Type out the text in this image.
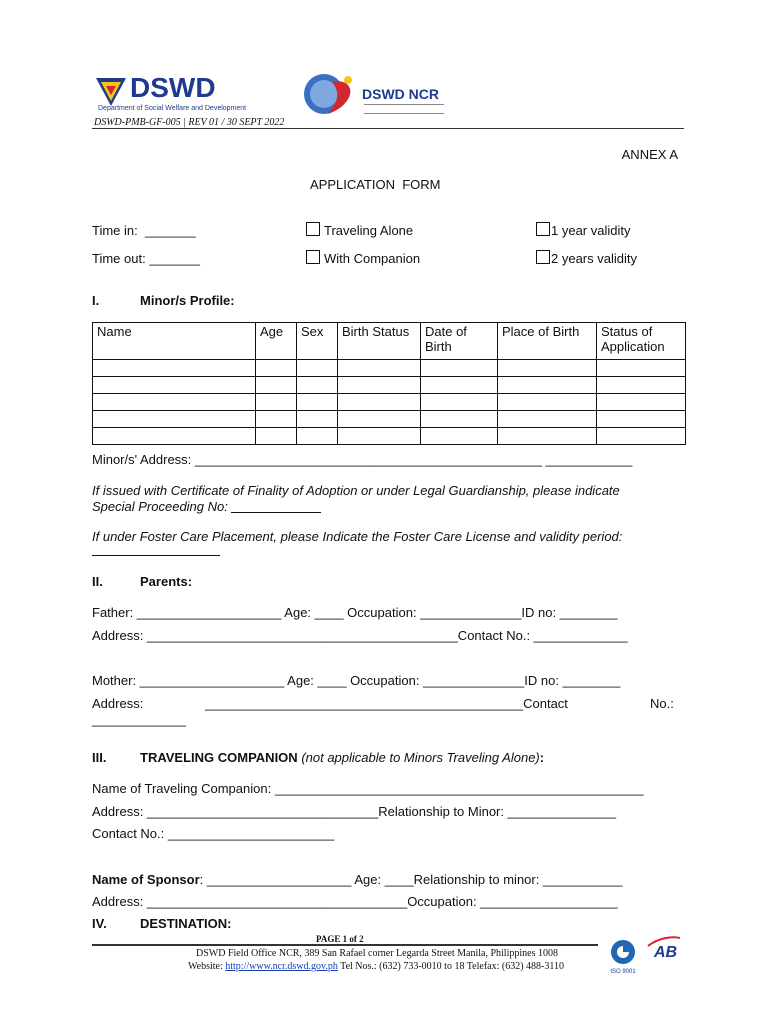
DSWD
Department of Social Welfare and Development
DSWD NCR
DSWD-PMB-GF-005 | REV 01 / 30 SEPT 2022
ANNEX A
APPLICATION  FORM
Time in:  _______
Time out: _______
Traveling Alone
With Companion
1 year validity
2 years validity
I.	Minor/s Profile:
Name	Age	Sex	Birth Status	Date of Birth	Place of Birth	Status of Application

Minor/s' Address: ________________________________________________ ____________
If issued with Certificate of Finality of Adoption or under Legal Guardianship, please indicate
Special Proceeding No:
If under Foster Care Placement, please Indicate the Foster Care License and validity period:
II.	Parents:
Father: ____________________ Age: ____ Occupation: ______________ID no: ________
Address: ___________________________________________Contact No.: _____________
Mother: ____________________ Age: ____ Occupation: ______________ID no: ________
Address:	____________________________________________Contact	No.:
_____________
III.	TRAVELING COMPANION (not applicable to Minors Traveling Alone):
Name of Traveling Companion: ___________________________________________________
Address: ________________________________Relationship to Minor: _______________
Contact No.: _______________________
Name of Sponsor: ____________________ Age: ____Relationship to minor: ___________
Address: ____________________________________Occupation: ___________________
IV.	DESTINATION:
PAGE 1 of 2
DSWD Field Office NCR, 389 San Rafael corner Legarda Street Manila, Philippines 1008
Website: http://www.ncr.dswd.gov.ph Tel Nos.: (632) 733-0010 to 18 Telefax: (632) 488-3110	ISO 9001
AB
